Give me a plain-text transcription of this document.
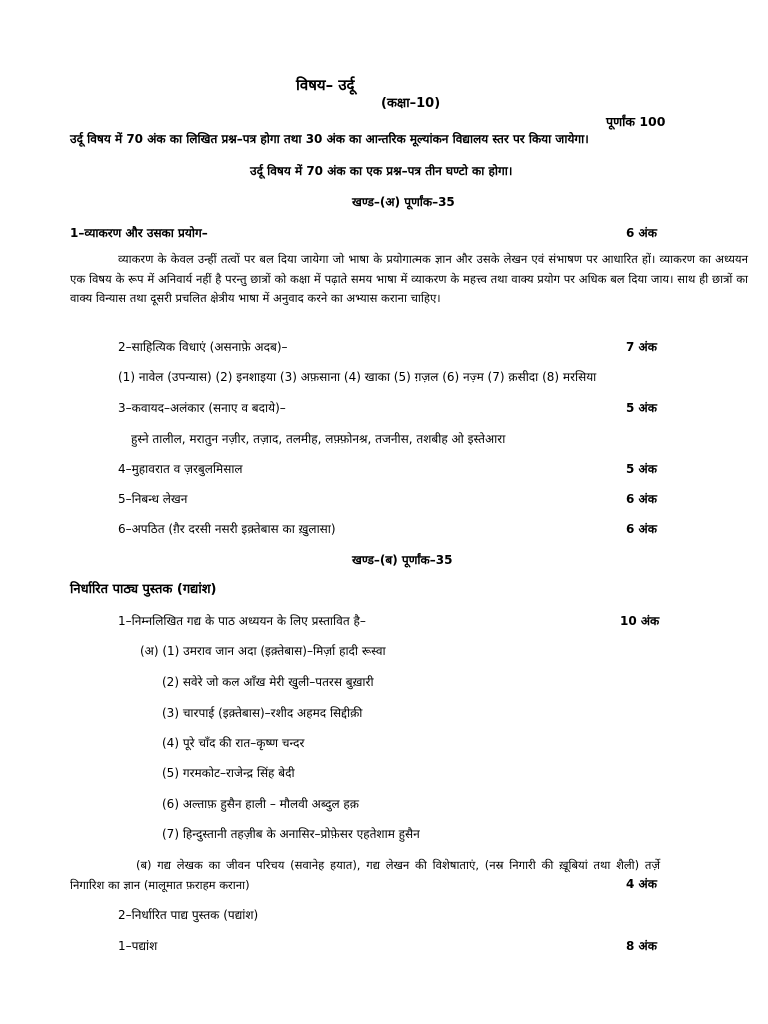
विषय– उर्दू
(कक्षा–10)
पूर्णांक 100
उर्दू विषय में 70 अंक का लिखित प्रश्न–पत्र होगा तथा 30 अंक का आन्तरिक मूल्यांकन विद्यालय स्तर पर किया जायेगा।
उर्दू विषय में 70 अंक का एक प्रश्न–पत्र तीन घण्टो का होगा।
खण्ड–(अ) पूर्णांक–35
1–व्याकरण और उसका प्रयोग–	6 अंक
व्याकरण के केवल उन्हीं तत्वों पर बल दिया जायेगा जो भाषा के प्रयोगात्मक ज्ञान और उसके लेखन एवं संभाषण पर आधारित हों। व्याकरण का अध्ययन एक विषय के रूप में अनिवार्य नहीं है परन्तु छात्रों को कक्षा में पढ़ाते समय भाषा में व्याकरण के महत्त्व तथा वाक्य प्रयोग पर अधिक बल दिया जाय। साथ ही छात्रों का वाक्य विन्यास तथा दूसरी प्रचलित क्षेत्रीय भाषा में अनुवाद करने का अभ्यास कराना चाहिए।
2–साहित्यिक विधाएं (असनाफ़े अदब)–	7 अंक
(1) नावेल (उपन्यास) (2) इनशाइया (3) अफ़साना (4) खाका (5) ग़ज़ल (6) नज़्म (7) क़सीदा (8) मरसिया
3–कवायद–अलंकार (सनाए व बदाये)–	5 अंक
हुस्ने तालील, मरातुन नज़ीर, तज़ाद, तलमीह, लफ़्फ़ोनश्र, तजनीस, तशबीह ओ इस्तेआरा
4–मुहावरात व ज़रबुलमिसाल	5 अंक
5–निबन्ध लेखन	6 अंक
6–अपठित (ग़ैर दरसी नसरी इक़्तेबास का ख़ुलासा)	6 अंक
खण्ड–(ब) पूर्णांक–35
निर्धारित पाठ्य पुस्तक (गद्यांश)
1–निम्नलिखित गद्य के पाठ अध्ययन के लिए प्रस्तावित है–	10 अंक
(अ) (1) उमराव जान अदा (इक़्तेबास)–मिर्ज़ा हादी रूस्वा
(2) सवेरे जो कल आँख मेरी खुली–पतरस बुख़ारी
(3) चारपाई (इक़्तेबास)–रशीद अहमद सिद्दीक़ी
(4) पूरे चाँद की रात–कृष्ण चन्दर
(5) गरमकोट–राजेन्द्र सिंह बेदी
(6) अल्ताफ़ हुसैन हाली – मौलवी अब्दुल हक़
(7) हिन्दुस्तानी तहज़ीब के अनासिर–प्रोफ़ेसर एहतेशाम हुसैन
(ब) गद्य लेखक का जीवन परिचय (सवानेह हयात), गद्य लेखन की विशेषाताएं, (नस्र निगारी की ख़ूबियां तथा शैली) तर्ज़े निगारिश का ज्ञान (मालूमात फ़राहम कराना)	4 अंक
2–निर्धारित पाद्य पुस्तक (पद्यांश)
1–पद्यांश	8 अंक
